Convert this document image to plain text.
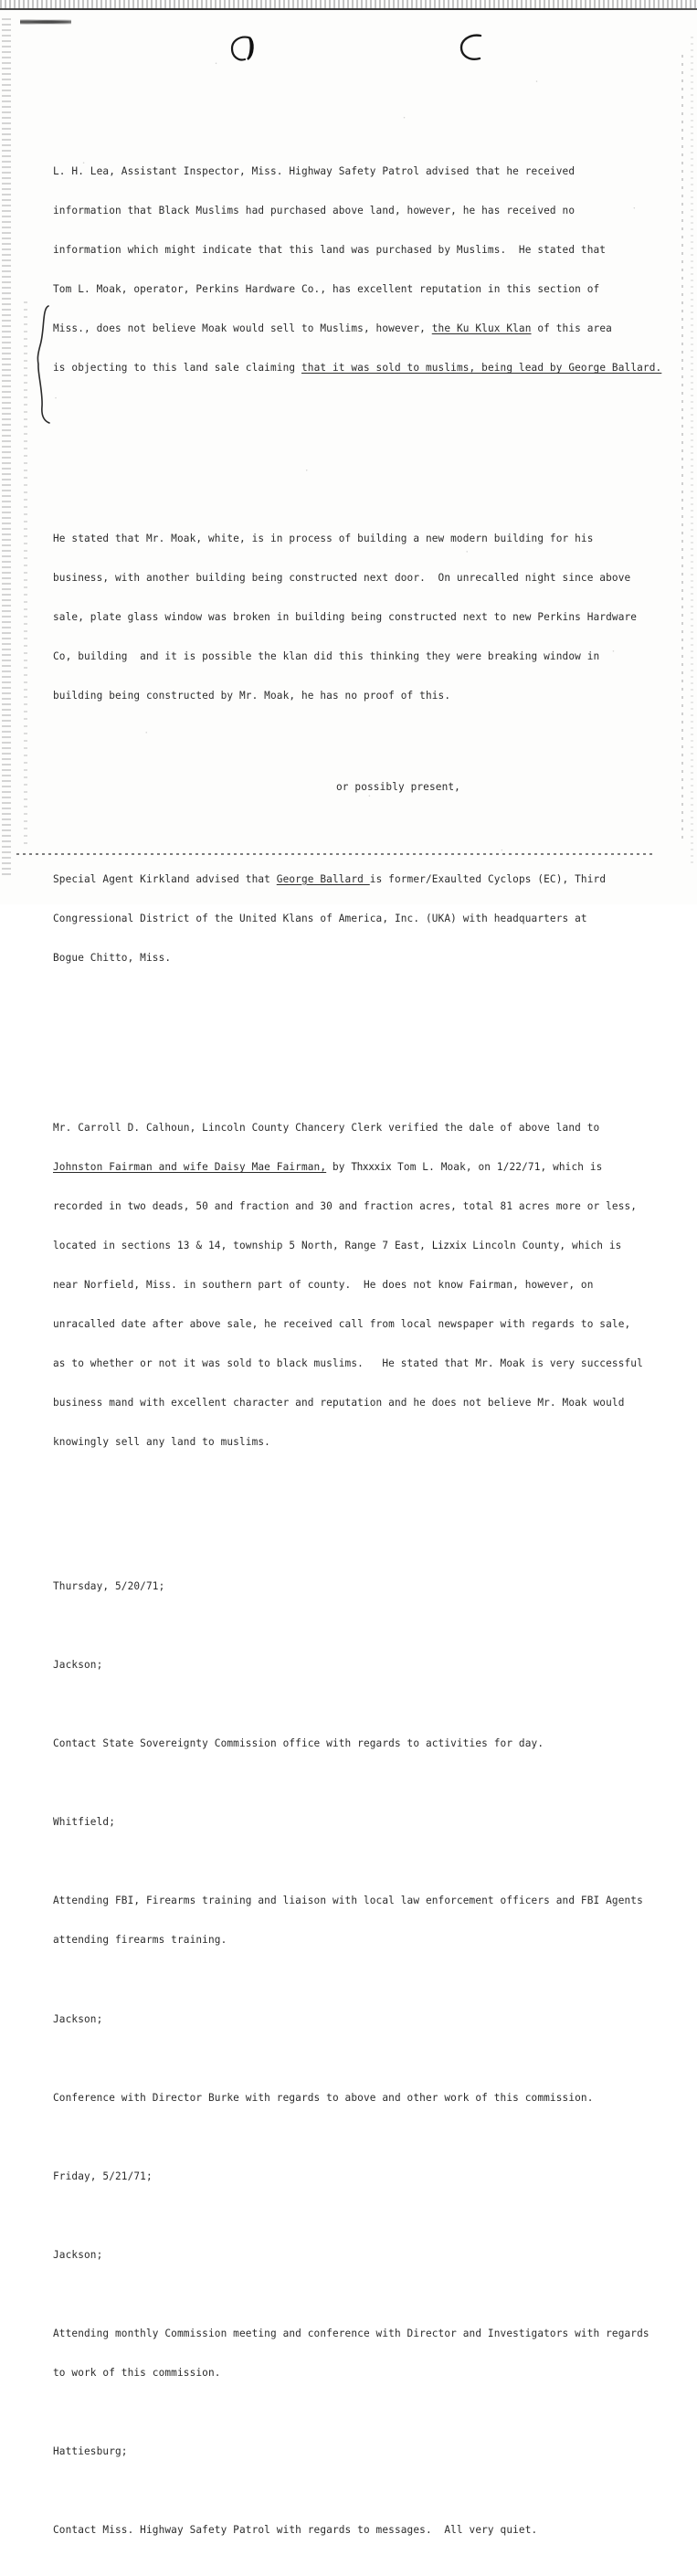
L. H. Lea, Assistant Inspector, Miss. Highway Safety Patrol advised that he received

information that Black Muslims had purchased above land, however, he has received no

information which might indicate that this land was purchased by Muslims.  He stated that

Tom L. Moak, operator, Perkins Hardware Co., has excellent reputation in this section of

Miss., does not believe Moak would sell to Muslims, however, the Ku Klux Klan of this area

is objecting to this land sale claiming that it was sold to muslims, being lead by George Ballard.

He stated that Mr. Moak, white, is in process of building a new modern building for his

business, with another building being constructed next door.  On unrecalled night since above

sale, plate glass window was broken in building being constructed next to new Perkins Hardware

Co, building  and it is possible the klan did this thinking they were breaking window in

building being constructed by Mr. Moak, he has no proof of this.

or possibly present,

Special Agent Kirkland advised that George Ballard is former/Exaulted Cyclops (EC), Third

Congressional District of the United Klans of America, Inc. (UKA) with headquarters at

Bogue Chitto, Miss.

Mr. Carroll D. Calhoun, Lincoln County Chancery Clerk verified the dale of above land to

Johnston Fairman and wife Daisy Mae Fairman, by Thxxxix Tom L. Moak, on 1/22/71, which is

recorded in two deads, 50 and fraction and 30 and fraction acres, total 81 acres more or less,

located in sections 13 & 14, township 5 North, Range 7 East, Lizxix Lincoln County, which is

near Norfield, Miss. in southern part of county.  He does not know Fairman, however, on

unracalled date after above sale, he received call from local newspaper with regards to sale,

as to whether or not it was sold to black muslims.   He stated that Mr. Moak is very successful

business mand with excellent character and reputation and he does not believe Mr. Moak would

knowingly sell any land to muslims.

Thursday, 5/20/71;

Jackson;

Contact State Sovereignty Commission office with regards to activities for day.

Whitfield;

Attending FBI, Firearms training and liaison with local law enforcement officers and FBI Agents

attending firearms training.

Jackson;

Conference with Director Burke with regards to above and other work of this commission.

Friday, 5/21/71;

Jackson;

Attending monthly Commission meeting and conference with Director and Investigators with regards

to work of this commission.

Hattiesburg;

Contact Miss. Highway Safety Patrol with regards to messages.  All very quiet.
